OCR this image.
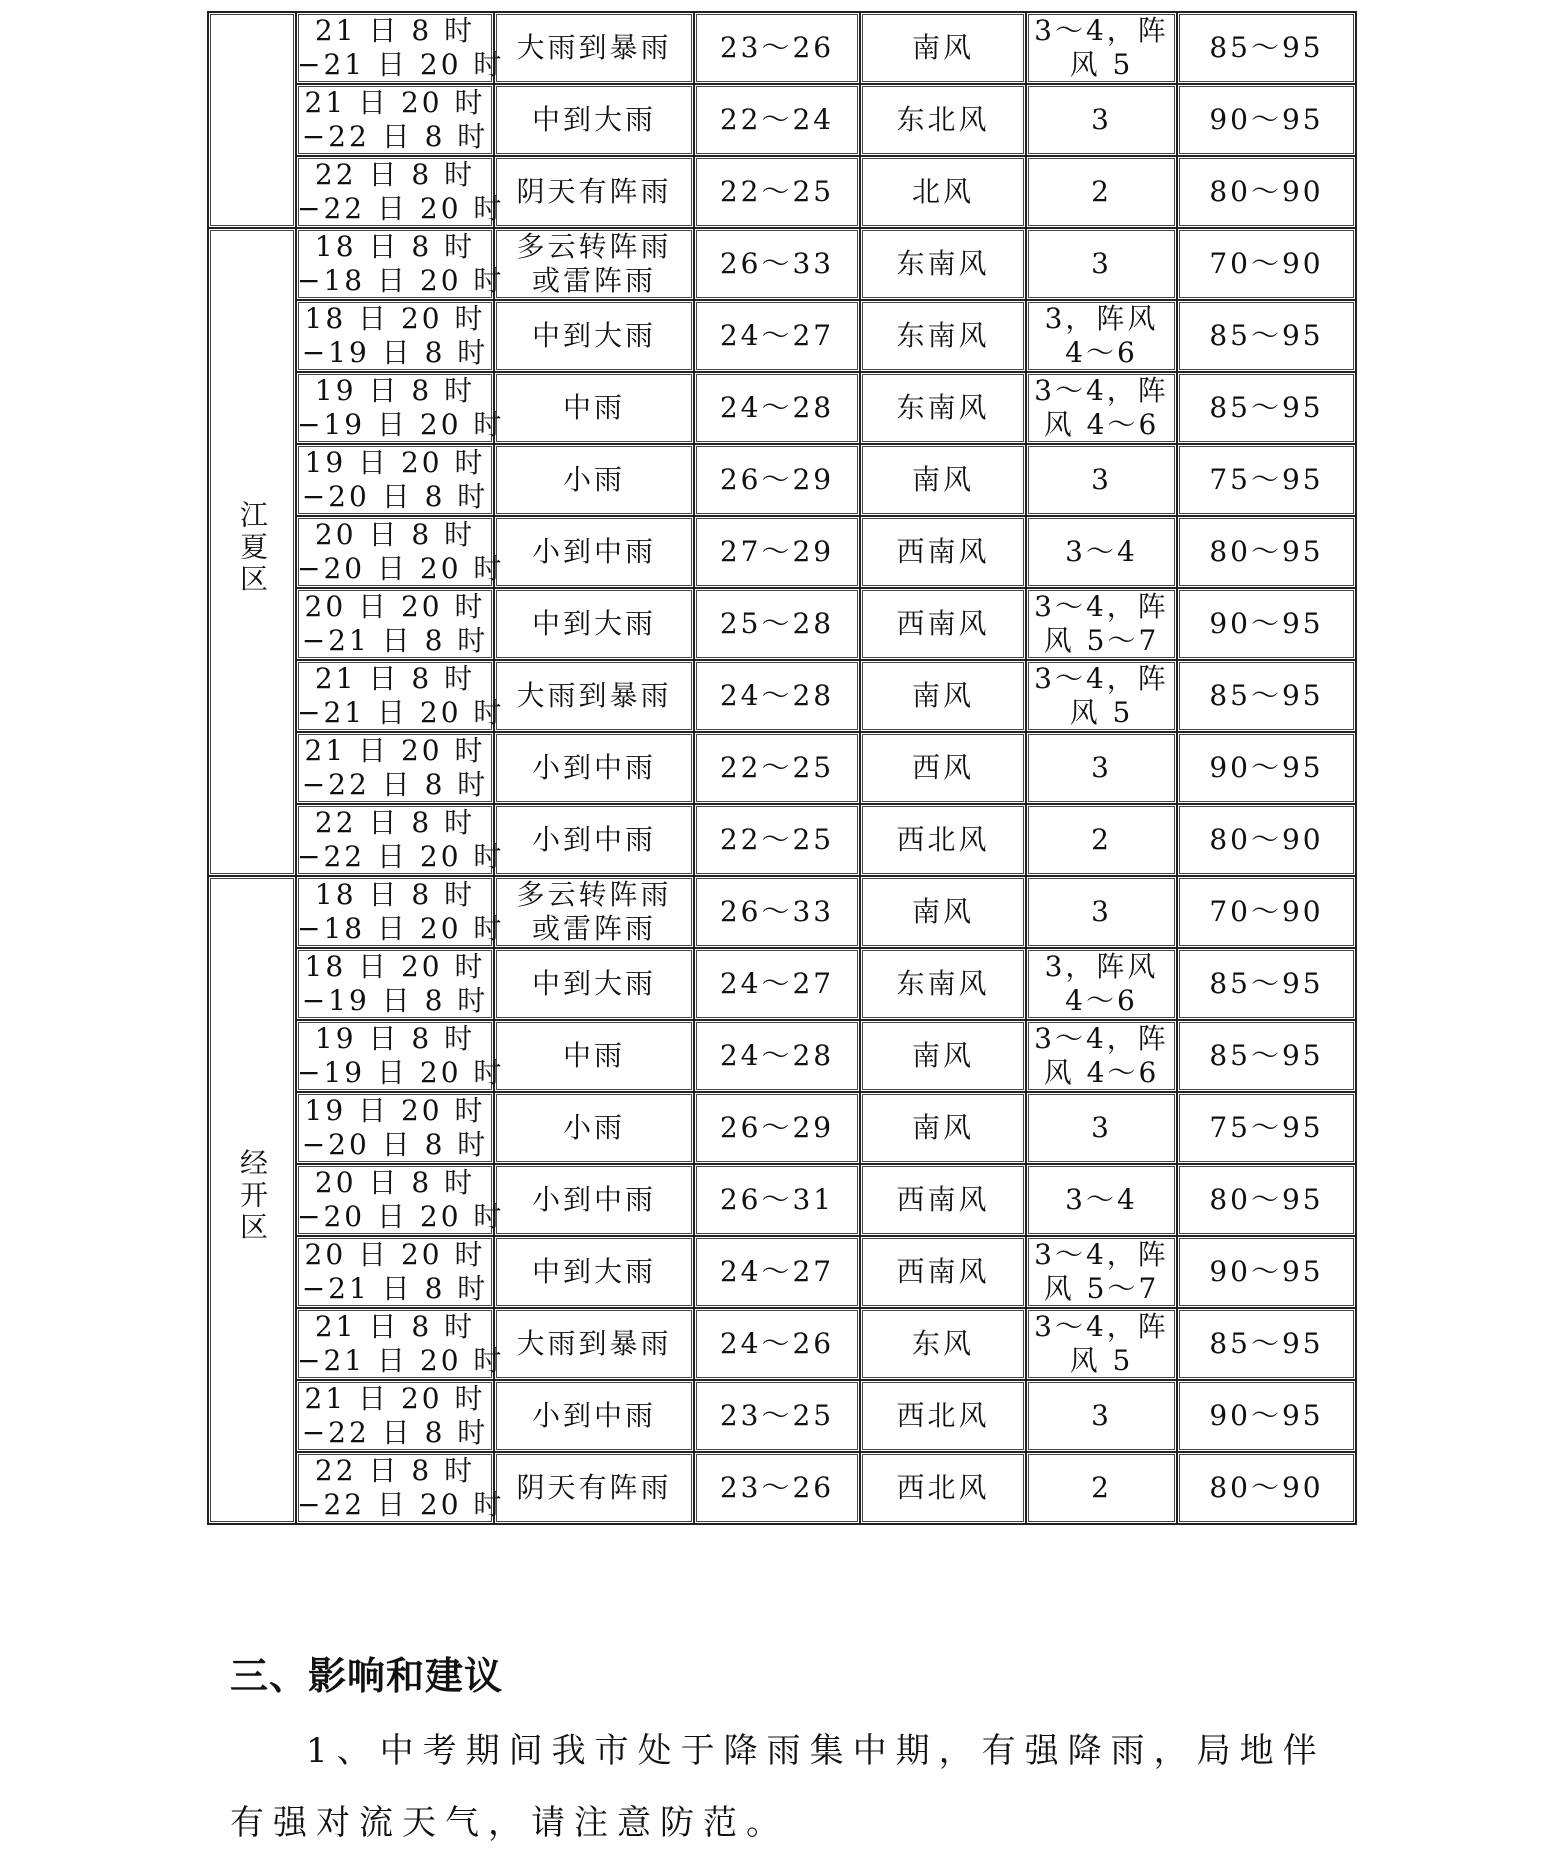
	21 日 8 时
−21 日 20 时	大雨到暴雨	23～26	南风	3～4，阵
风 5	85～95

	21 日 20 时
−22 日 8 时	中到大雨	22～24	东北风	3	90～95

	22 日 8 时
−22 日 20 时	阴天有阵雨	22～25	北风	2	80～90
江夏区	18 日 8 时
−18 日 20 时	多云转阵雨
或雷阵雨	26～33	东南风	3	70～90

	18 日 20 时
−19 日 8 时	中到大雨	24～27	东南风	3，阵风
4～6	85～95

	19 日 8 时
−19 日 20 时	中雨	24～28	东南风	3～4，阵
风 4～6	85～95

	19 日 20 时
−20 日 8 时	小雨	26～29	南风	3	75～95

	20 日 8 时
−20 日 20 时	小到中雨	27～29	西南风	3～4	80～95

	20 日 20 时
−21 日 8 时	中到大雨	25～28	西南风	3～4，阵
风 5～7	90～95

	21 日 8 时
−21 日 20 时	大雨到暴雨	24～28	南风	3～4，阵
风 5	85～95

	21 日 20 时
−22 日 8 时	小到中雨	22～25	西风	3	90～95

	22 日 8 时
−22 日 20 时	小到中雨	22～25	西北风	2	80～90
经开区	18 日 8 时
−18 日 20 时	多云转阵雨
或雷阵雨	26～33	南风	3	70～90

	18 日 20 时
−19 日 8 时	中到大雨	24～27	东南风	3，阵风
4～6	85～95

	19 日 8 时
−19 日 20 时	中雨	24～28	南风	3～4，阵
风 4～6	85～95

	19 日 20 时
−20 日 8 时	小雨	26～29	南风	3	75～95

	20 日 8 时
−20 日 20 时	小到中雨	26～31	西南风	3～4	80～95

	20 日 20 时
−21 日 8 时	中到大雨	24～27	西南风	3～4，阵
风 5～7	90～95

	21 日 8 时
−21 日 20 时	大雨到暴雨	24～26	东风	3～4，阵
风 5	85～95

	21 日 20 时
−22 日 8 时	小到中雨	23～25	西北风	3	90～95

	22 日 8 时
−22 日 20 时	阴天有阵雨	23～26	西北风	2	80～90
三、影响和建议

1、中考期间我市处于降雨集中期，有强降雨，局地伴有强对流天气，请注意防范。
